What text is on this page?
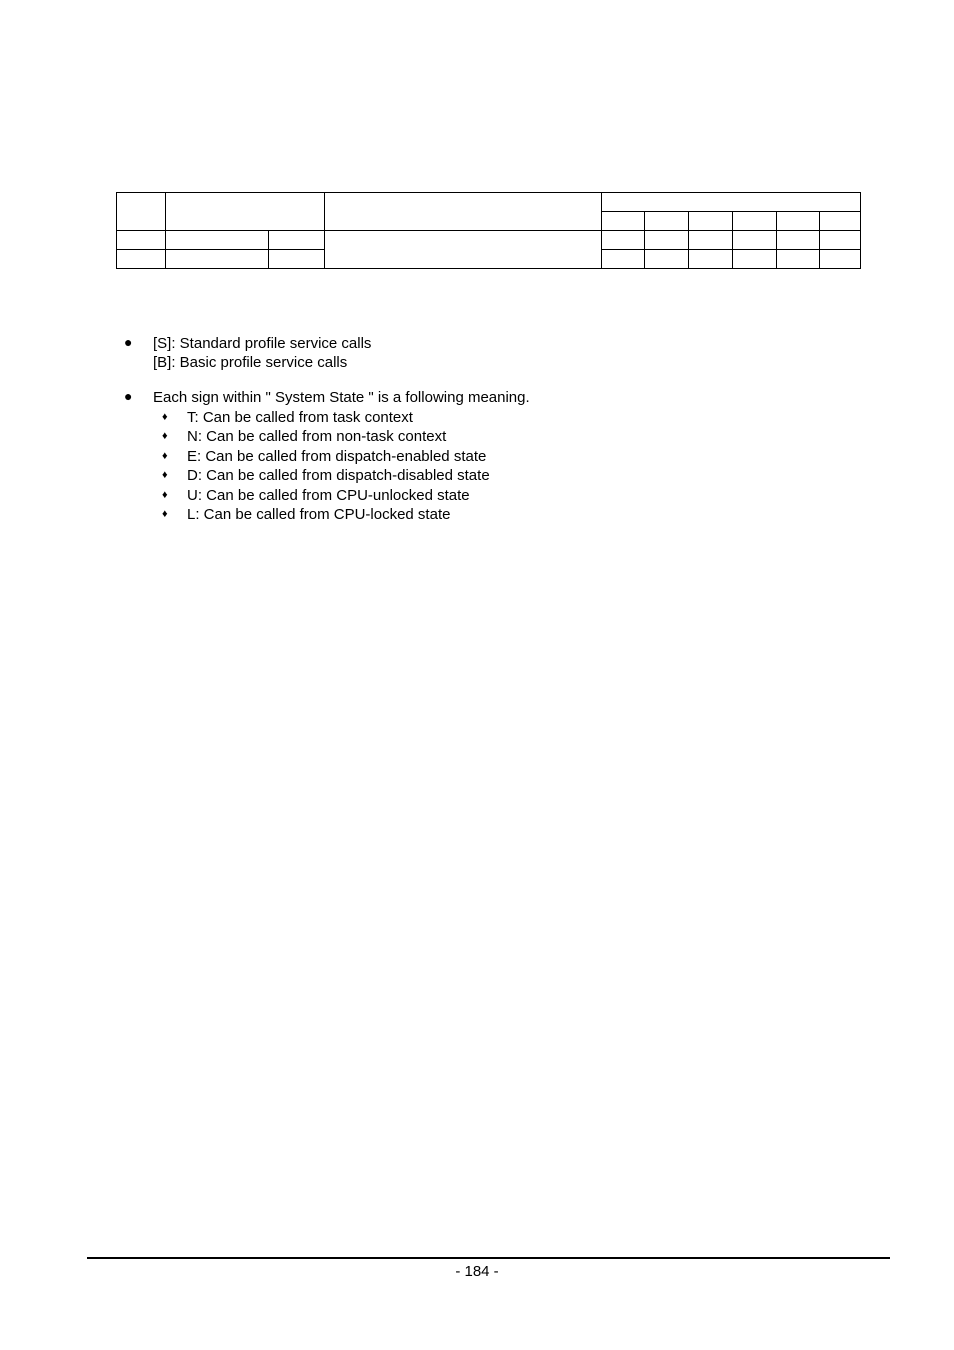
● [S]: Standard profile service calls
[B]: Basic profile service calls
● Each sign within " System State " is a following meaning.
♦ T: Can be called from task context
♦ N: Can be called from non-task context
♦ E: Can be called from dispatch-enabled state
♦ D: Can be called from dispatch-disabled state
♦ U: Can be called from CPU-unlocked state
♦ L: Can be called from CPU-locked state
- 184 -
